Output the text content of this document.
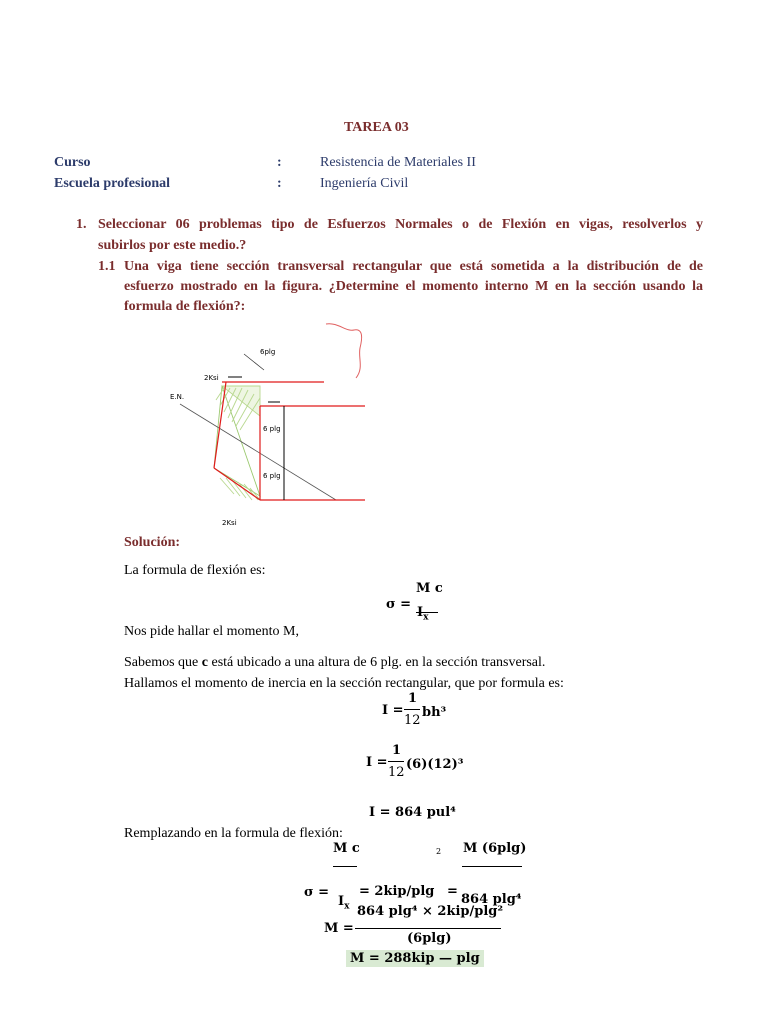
TAREA 03
Curso	:	Resistencia de Materiales II
Escuela profesional	:	Ingeniería Civil
1. Seleccionar 06 problemas tipo de Esfuerzos Normales o de Flexión en vigas, resolverlos y
subirlos por este medio.?
1.1 Una viga tiene sección transversal rectangular que está sometida a la distribución de de
esfuerzo mostrado en la figura. ¿Determine el momento interno M en la sección usando la
formula de flexión?:
6plg
2Ksi
E.N.
6 plg
6 plg
2Ksi
Solución:
La formula de flexión es:
σ =
M c
$I_x$
Nos pide hallar el momento M,
Sabemos que c está ubicado a una altura de 6 plg. en la sección transversal.
Hallamos el momento de inercia en la sección rectangular, que por formula es:
I =
1
12
bh³
I =
1
12
(6)(12)³
I = 864 pul⁴
Remplazando en la formula de flexión:
M c	2 M (6plg)
σ = = 2kip/plg =
$I_x$	864 plg⁴
864 plg⁴ × 2kip/plg²
M =
(6plg)
M = 288kip — plg
